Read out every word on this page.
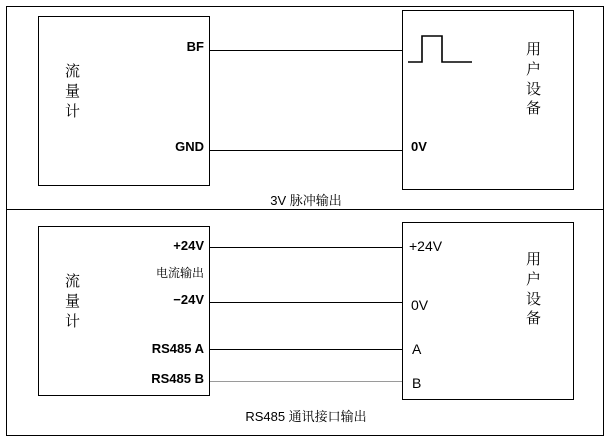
流
量
计
用
户
设
备
BF
GND	0V
3V 脉冲输出
流
量
计
用
户
设
备
+24V
电流输出
−24V
RS485 A
RS485 B
+24V
0V
A
B
RS485 通讯接口输出
